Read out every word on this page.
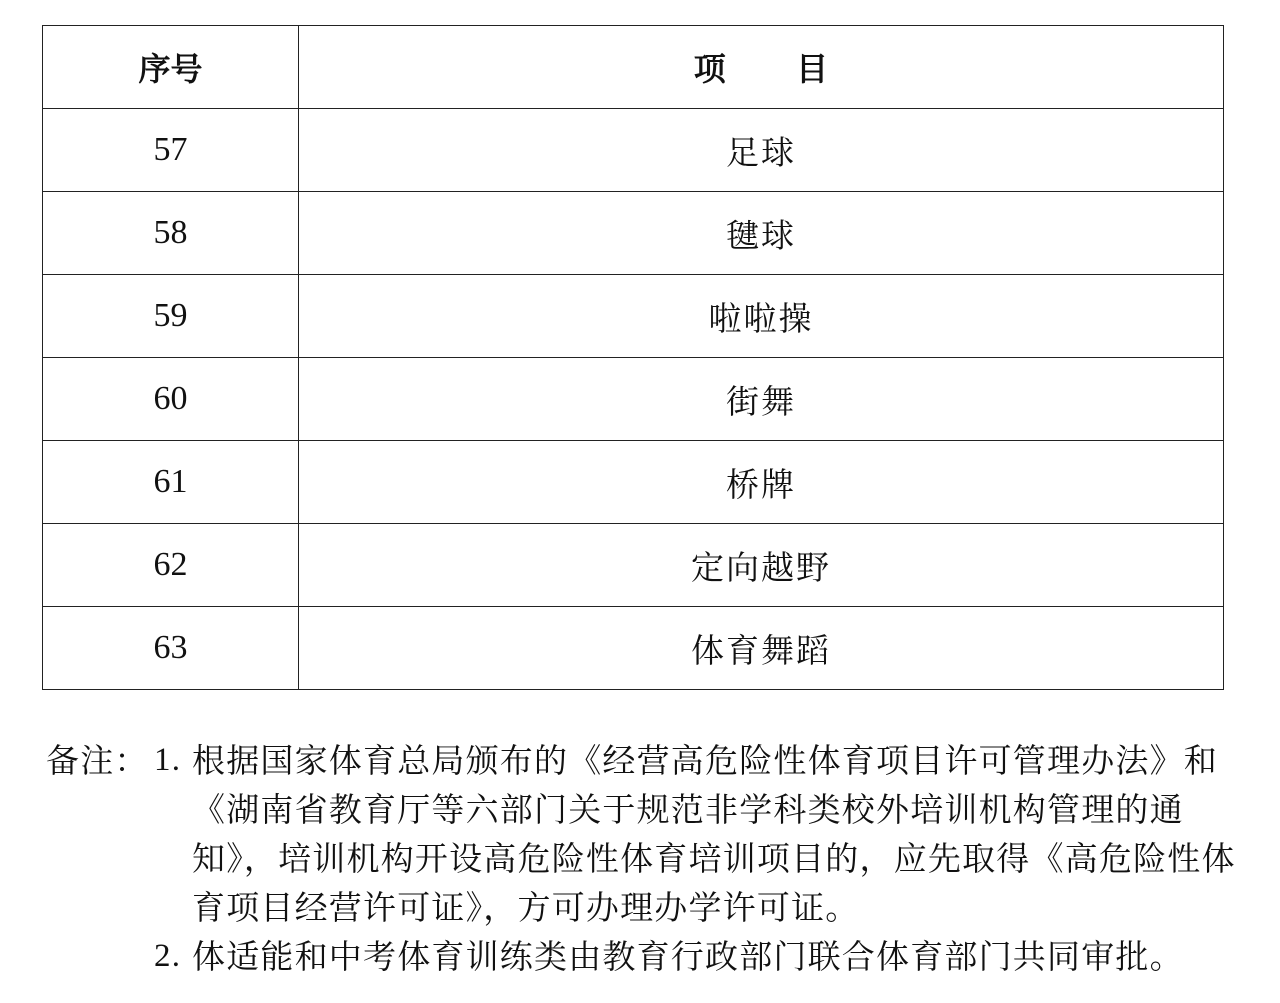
序号	项目
57	足球
58	毽球
59	啦啦操
60	街舞
61	桥牌
62	定向越野
63	体育舞蹈
备注： 1. 根据国家体育总局颁布的《经营高危险性体育项目许可管理办法》和《湖南省教育厅等六部门关于规范非学科类校外培训机构管理的通知》，培训机构开设高危险性体育培训项目的，应先取得《高危险性体育项目经营许可证》，方可办理办学许可证。
2. 体适能和中考体育训练类由教育行政部门联合体育部门共同审批。
